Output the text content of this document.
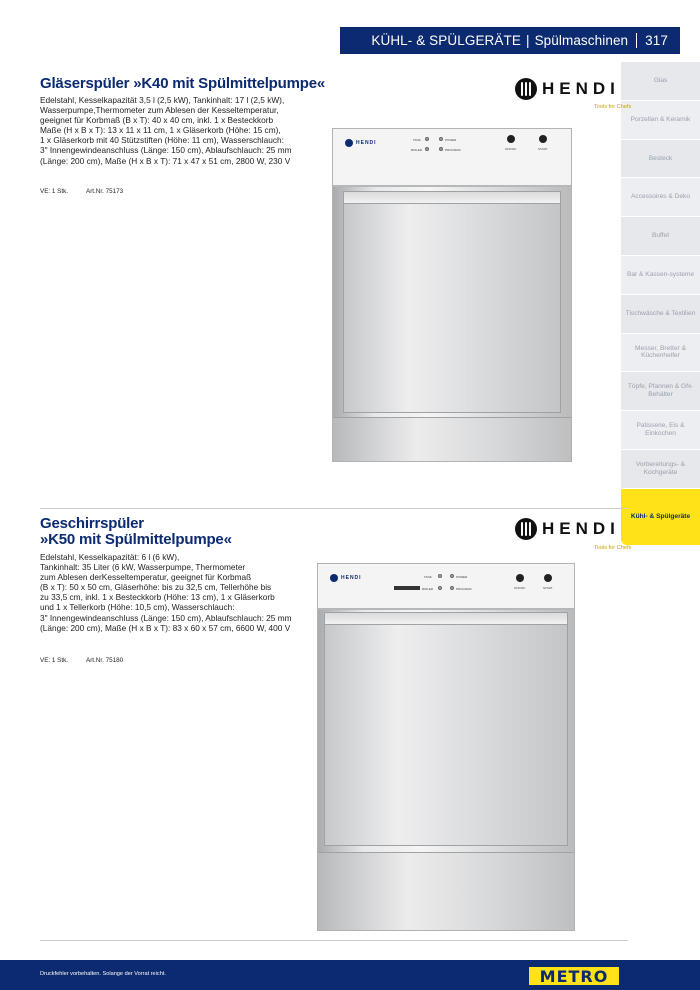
KÜHL- & SPÜLGERÄTE | Spülmaschinen	317
Glas
Porzellan & Keramik
Besteck
Accessoires & Deko
Buffet
Bar & Kassen-systeme
Tischwäsche & Textilien
Messer, Bretter & Küchenhelfer
Töpfe, Pfannen & GN-Behälter
Patisserie, Eis & Einkochen
Vorbereitungs- & Kochgeräte
Kühl- & Spülgeräte
Gläserspüler »K40 mit Spülmittelpumpe«
Edelstahl, Kesselkapazität 3,5 l (2,5 kW), Tankinhalt: 17 l (2,5 kW),
Wasserpumpe,Thermometer zum Ablesen der Kesseltemperatur,
geeignet für Korbmaß (B x T): 40 x 40 cm, inkl. 1 x Besteckkorb
Maße (H x B x T): 13 x 11 x 11 cm, 1 x Gläserkorb (Höhe: 15 cm),
1 x Gläserkorb mit 40 Stützstiften (Höhe: 11 cm), Wasserschlauch:
3" Innengewindeanschluss (Länge: 150 cm), Ablaufschlauch: 25 mm
(Länge: 200 cm), Maße (H x B x T): 71 x 47 x 51 cm, 2800 W, 230 V
VE: 1 Stk.	Art.Nr. 75173
HENDI
Tools for Chefs
HENDI	TANK	POWER
BOILER	PROGRAM	ON/OFF	START
Geschirrspüler
»K50 mit Spülmittelpumpe«
Edelstahl, Kesselkapazität: 6 l (6 kW),
Tankinhalt: 35 Liter (6 kW, Wasserpumpe, Thermometer
zum Ablesen derKesseltemperatur, geeignet für Korbmaß
(B x T): 50 x 50 cm, Gläserhöhe: bis zu 32,5 cm, Tellerhöhe bis
zu 33,5 cm, inkl. 1 x Besteckkorb (Höhe: 13 cm), 1 x Gläserkorb
und 1 x Tellerkorb (Höhe: 10,5 cm), Wasserschlauch:
3" Innengewindeanschluss (Länge: 150 cm), Ablaufschlauch: 25 mm
(Länge: 200 cm), Maße (H x B x T): 83 x 60 x 57 cm, 6600 W, 400 V
VE: 1 Stk.	Art.Nr. 75180
HENDI
Tools for Chefs
HENDI	TANK	POWER
BOILER	PROGRAM	ON/OFF	START
Druckfehler vorbehalten. Solange der Vorrat reicht.	METRO
